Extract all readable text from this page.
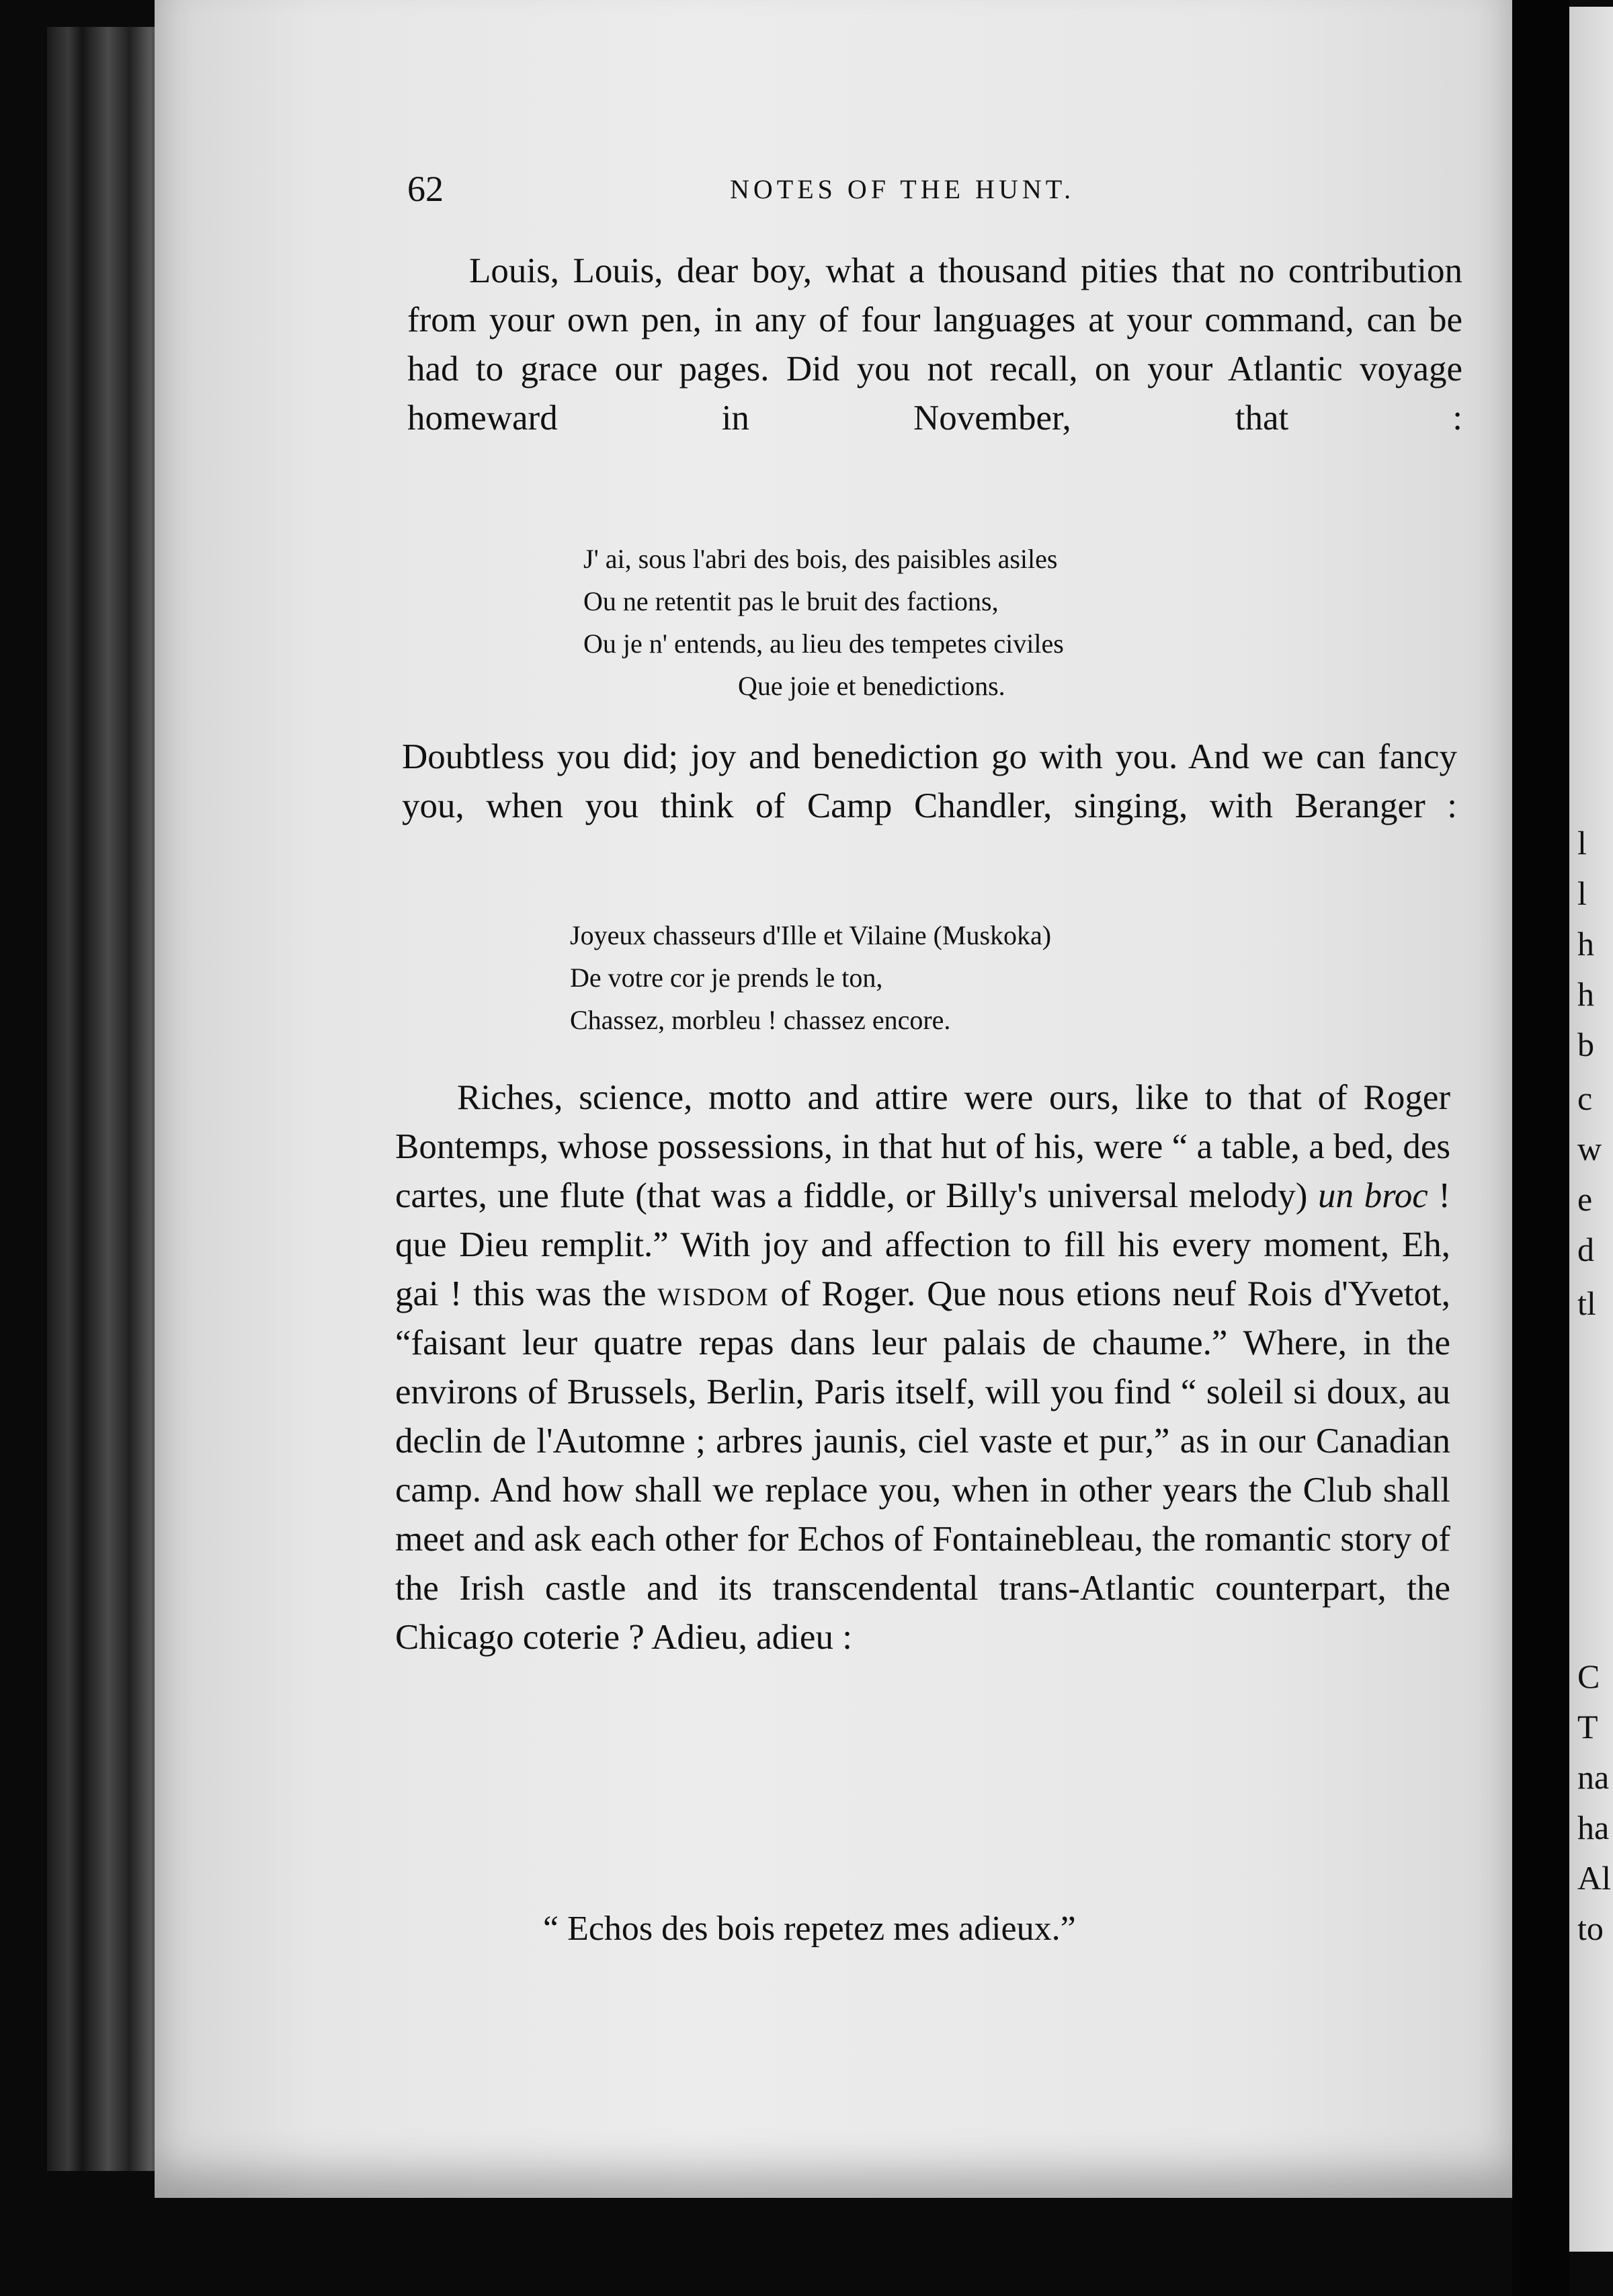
l
l
h
h
b
c
w
e
d
tl
C
T
na
ha
Al
to
62	NOTES OF THE HUNT.

Louis, Louis, dear boy, what a thousand pities that no contribution from your own pen, in any of four languages at your command, can be had to grace our pages. Did you not recall, on your Atlantic voyage homeward in November, that :

J' ai, sous l'abri des bois, des paisibles asiles
Ou ne retentit pas le bruit des factions,
Ou je n' entends, au lieu des tempetes civiles
Que joie et benedictions.

Doubtless you did; joy and benediction go with you. And we can fancy you, when you think of Camp Chandler, singing, with Beranger :

Joyeux chasseurs d'Ille et Vilaine (Muskoka)
De votre cor je prends le ton,
Chassez, morbleu ! chassez encore.

Riches, science, motto and attire were ours, like to that of Roger Bontemps, whose possessions, in that hut of his, were “ a table, a bed, des cartes, une flute (that was a fiddle, or Billy's universal melody) un broc ! que Dieu remplit.” With joy and affection to fill his every moment, Eh, gai ! this was the wisdom of Roger. Que nous etions neuf Rois d'Yvetot, “faisant leur quatre repas dans leur palais de chaume.” Where, in the environs of Brussels, Berlin, Paris itself, will you find “ soleil si doux, au declin de l'Automne ; arbres jaunis, ciel vaste et pur,” as in our Canadian camp. And how shall we replace you, when in other years the Club shall meet and ask each other for Echos of Fontainebleau, the romantic story of the Irish castle and its transcendental trans-Atlantic counterpart, the Chicago coterie ? Adieu, adieu :

“ Echos des bois repetez mes adieux.”
